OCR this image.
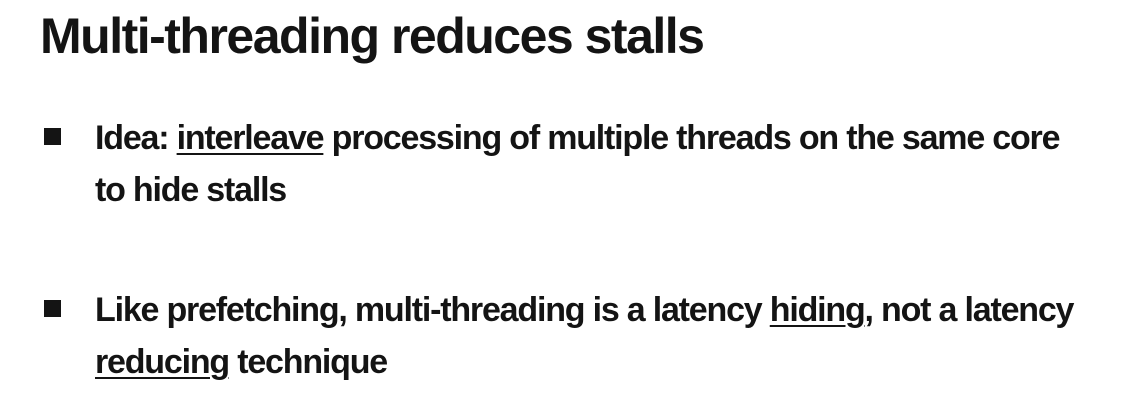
Multi-threading reduces stalls

Idea: interleave processing of multiple threads on the same core to hide stalls

Like prefetching, multi-threading is a latency hiding, not a latency reducing technique
